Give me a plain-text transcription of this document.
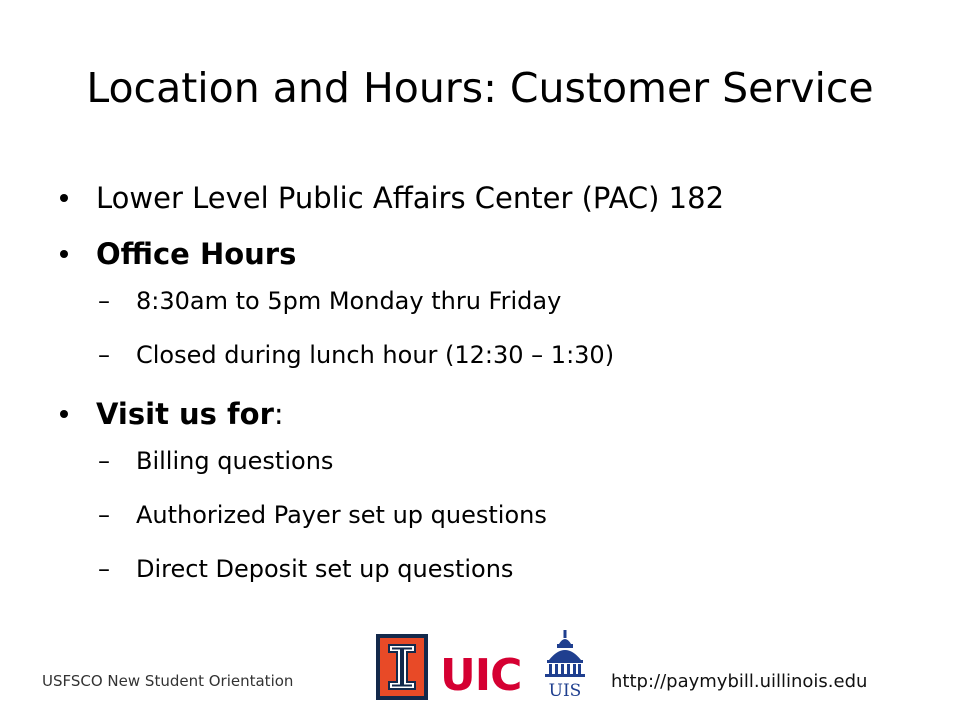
Location and Hours: Customer Service
Lower Level Public Affairs Center (PAC) 182
Office Hours
– 8:30am to 5pm Monday thru Friday
– Closed during lunch hour (12:30 – 1:30)
Visit us for:
– Billing questions
– Authorized Payer set up questions
– Direct Deposit set up questions
USFSCO New Student Orientation	UIC	UIS http://paymybill.uillinois.edu
